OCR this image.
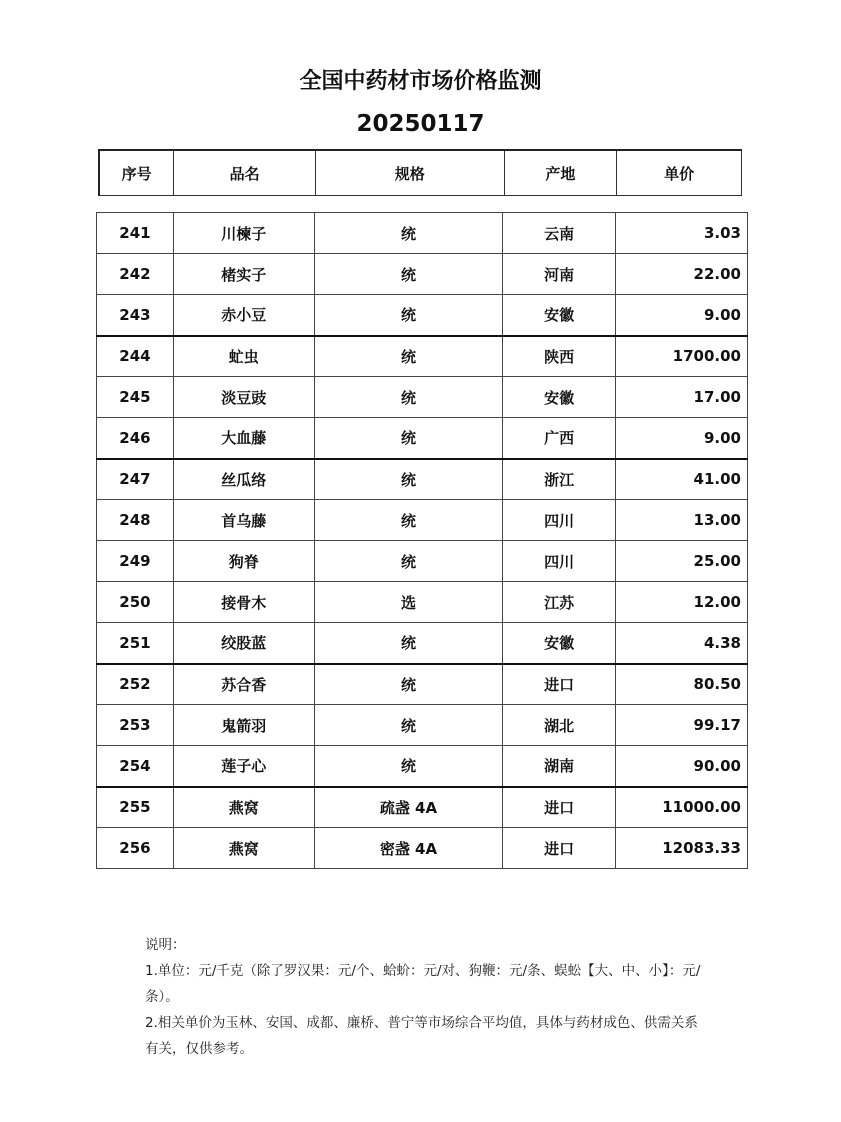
全国中药材市场价格监测
20250117
序号	品名	规格	产地	单价
241	川楝子	统	云南	3.03
242	楮实子	统	河南	22.00
243	赤小豆	统	安徽	9.00
244	虻虫	统	陕西	1700.00
245	淡豆豉	统	安徽	17.00
246	大血藤	统	广西	9.00
247	丝瓜络	统	浙江	41.00
248	首乌藤	统	四川	13.00
249	狗脊	统	四川	25.00
250	接骨木	选	江苏	12.00
251	绞股蓝	统	安徽	4.38
252	苏合香	统	进口	80.50
253	鬼箭羽	统	湖北	99.17
254	莲子心	统	湖南	90.00
255	燕窝	疏盏 4A	进口	11000.00
256	燕窝	密盏 4A	进口	12083.33

说明：

1.单位：元/千克（除了罗汉果：元/个、蛤蚧：元/对、狗鞭：元/条、蜈蚣【大、中、小】：元/条）。

2.相关单价为玉林、安国、成都、廉桥、普宁等市场综合平均值，具体与药材成色、供需关系有关，仅供参考。
